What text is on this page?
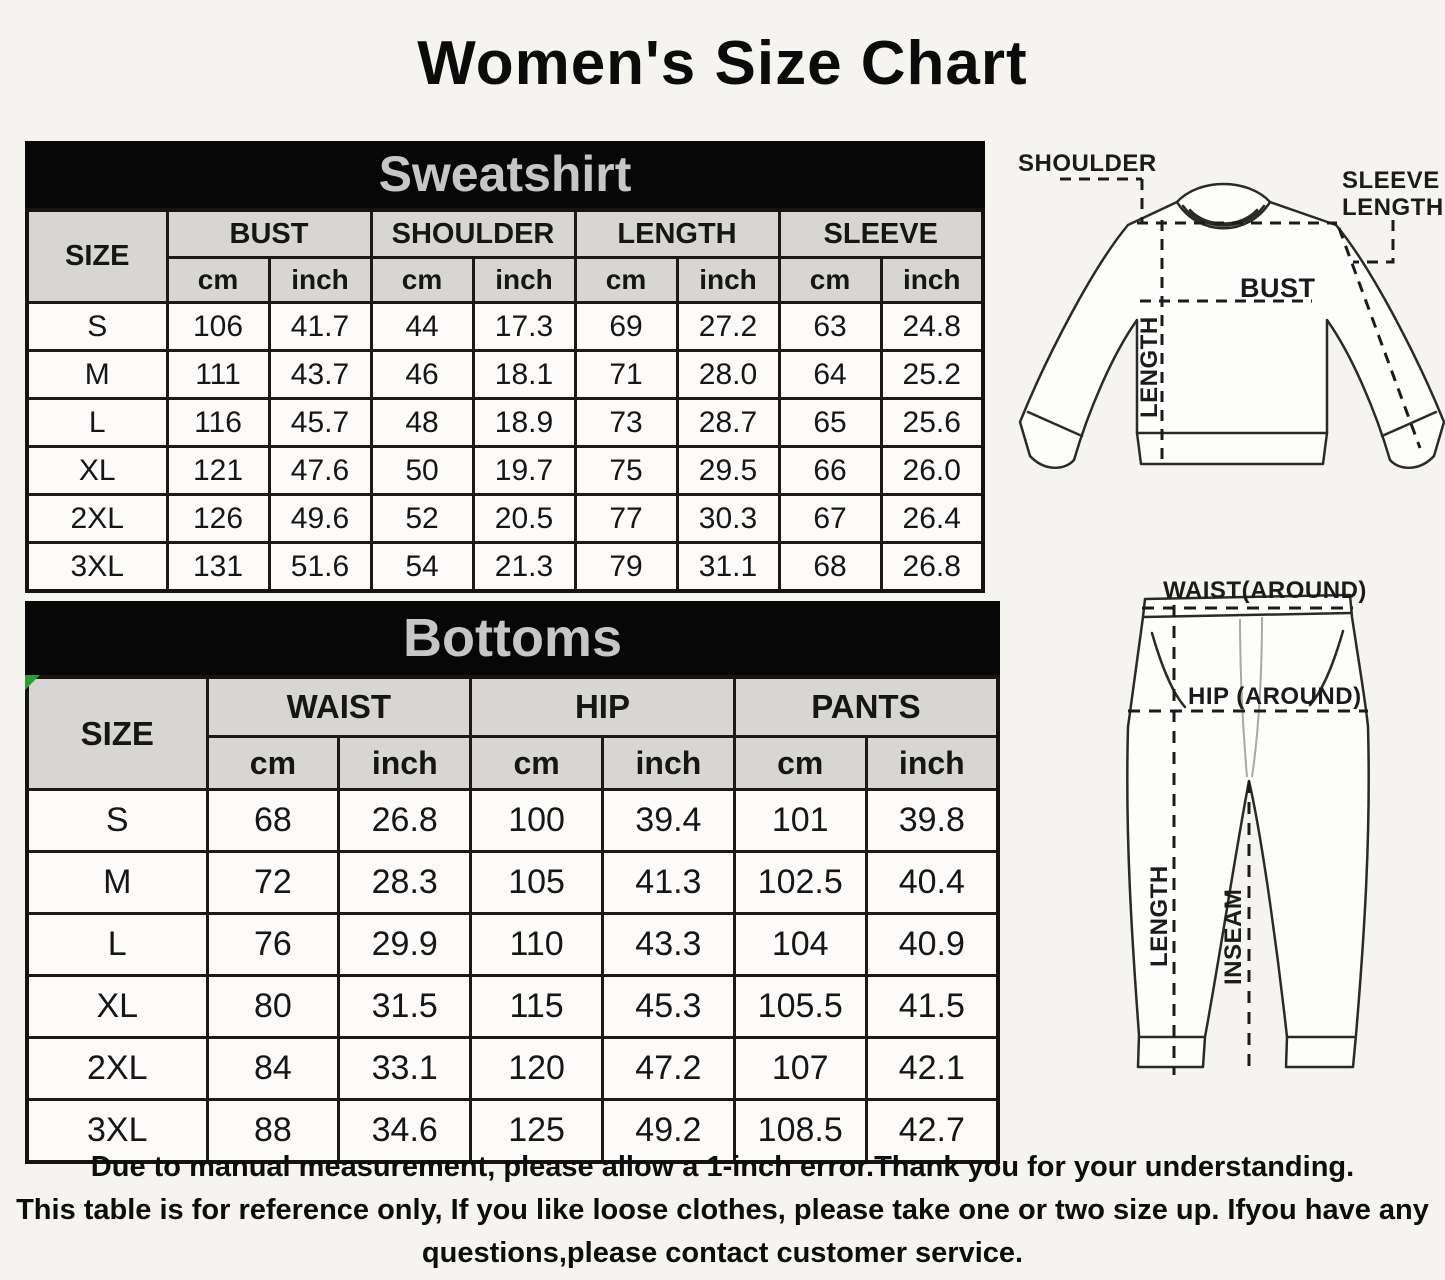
Women's Size Chart
Sweatshirt
SIZE	BUST		SHOULDER		LENGTH		SLEEVE	
	cm	inch	cm	inch	cm	inch	cm	inch
S	106	41.7	44	17.3	69	27.2	63	24.8
M	111	43.7	46	18.1	71	28.0	64	25.2
L	116	45.7	48	18.9	73	28.7	65	25.6
XL	121	47.6	50	19.7	75	29.5	66	26.0
2XL	126	49.6	52	20.5	77	30.3	67	26.4
3XL	131	51.6	54	21.3	79	31.1	68	26.8
Bottoms
SIZE	WAIST		HIP		PANTS	
	cm	inch	cm	inch	cm	inch
S	68	26.8	100	39.4	101	39.8
M	72	28.3	105	41.3	102.5	40.4
L	76	29.9	110	43.3	104	40.9
XL	80	31.5	115	45.3	105.5	41.5
2XL	84	33.1	120	47.2	107	42.1
3XL	88	34.6	125	49.2	108.5	42.7
SHOULDER
SLEEVE LENGTH
BUST
LENGTH
WAIST(AROUND)
HIP (AROUND)
LENGTH INSEAM
Due to manual measurement, please allow a 1-inch error.Thank you for your understanding.
This table is for reference only, If you like loose clothes, please take one or two size up. Ifyou have any
questions,please contact customer service.
